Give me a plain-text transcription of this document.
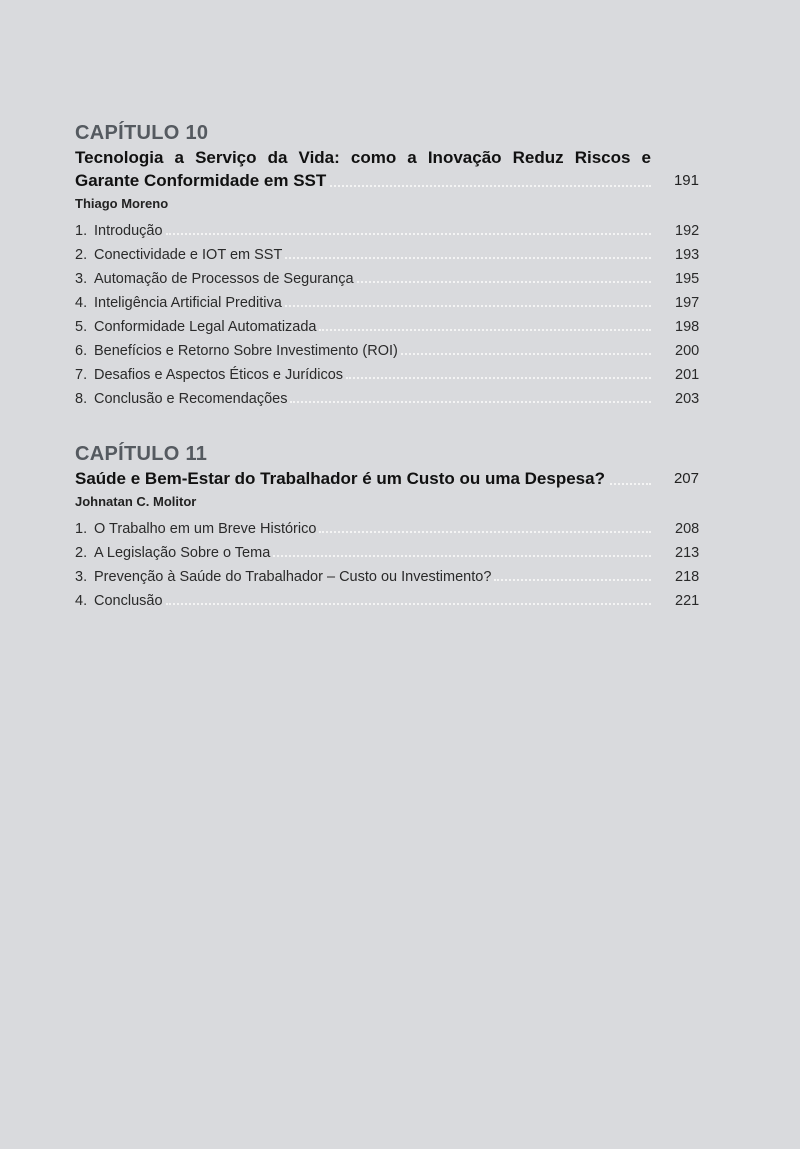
CAPÍTULO 10
Tecnologia a Serviço da Vida: como a Inovação Reduz Riscos e Garante Conformidade em SST	191
Thiago Moreno
1. Introdução	192
2. Conectividade e IOT em SST	193
3. Automação de Processos de Segurança	195
4. Inteligência Artificial Preditiva	197
5. Conformidade Legal Automatizada	198
6. Benefícios e Retorno Sobre Investimento (ROI)	200
7. Desafios e Aspectos Éticos e Jurídicos	201
8. Conclusão e Recomendações	203
CAPÍTULO 11
Saúde e Bem-Estar do Trabalhador é um Custo ou uma Despesa?	207
Johnatan C. Molitor
1. O Trabalho em um Breve Histórico	208
2. A Legislação Sobre o Tema	213
3. Prevenção à Saúde do Trabalhador – Custo ou Investimento?	218
4. Conclusão	221
